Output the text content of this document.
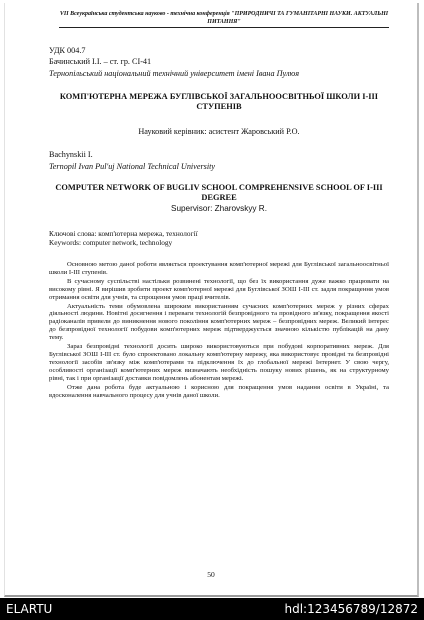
VII Всеукраїнська студентська науково - технічна конференція "ПРИРОДНИЧІ ТА ГУМАНІТАРНІ НАУКИ. АКТУАЛЬНІ ПИТАННЯ"
УДК 004.7
Бачинський І.І. – ст. гр. СІ-41
Тернопільський національний технічний університет імені Івана Пулюя
КОМП'ЮТЕРНА МЕРЕЖА БУГЛІВСЬКОЇ ЗАГАЛЬНООСВІТНЬОЇ ШКОЛИ І-ІІІ СТУПЕНІВ
Науковий керівник: асистент Жаровський Р.О.
Bachynskii I.
Ternopil Ivan Pul'uj National Technical University
COMPUTER NETWORK OF BUGLIV SCHOOL COMPREHENSIVE SCHOOL OF I-III DEGREE
Supervisor: Zharovskyy R.
Ключові слова: комп'ютерна мережа, технології
Keywords: computer network, technology

Основною метою даної роботи являється проектування комп'ютерної мережі для Буглівської загальноосвітньої школи І-ІІІ ступенів.

В сучасному суспільстві настільки розвинені технології, що без їх використання дуже важко працювати на високому рівні. Я вирішив зробити проект комп'ютерної мережі для Буглівської ЗОШ І-ІІІ ст. задля покращення умов отримання освіти для учнів, та спрощення умов праці вчителів.

Актуальність теми обумовлена широким використанням сучасних комп'ютерних мереж у різних сферах діяльності людини. Новітні досягнення і переваги технологій безпровідного та провідного зв'язку, покращення якості радіоканалів привели до виникнення нового покоління комп'ютерних мереж – безпровідних мереж. Великий інтерес до безпровідної технології побудови комп'ютерних мереж підтверджується значною кількістю публікацій на дану тему.

Зараз безпровідні технології досить широко використовуються при побудові корпоративних мереж. Для Буглівської ЗОШ І-ІІІ ст. було спроектовано локальну комп'ютерну мережу, яка використовує провідні та безпровідні технології засобів зв'язку між комп'ютерами та підключення їх до глобальної мережі Інтернет. У свою чергу, особливості організації комп'ютерних мереж визначають необхідність пошуку нових рішень, як на структурному рівні, так і при організації доставки повідомлень абонентам мережі.

Отже дана робота буде актуальною і корисною для покращення умов надання освіти в Україні, та вдосконалення навчального процесу для учнів даної школи.

50
ELARTU	hdl:123456789/12872
